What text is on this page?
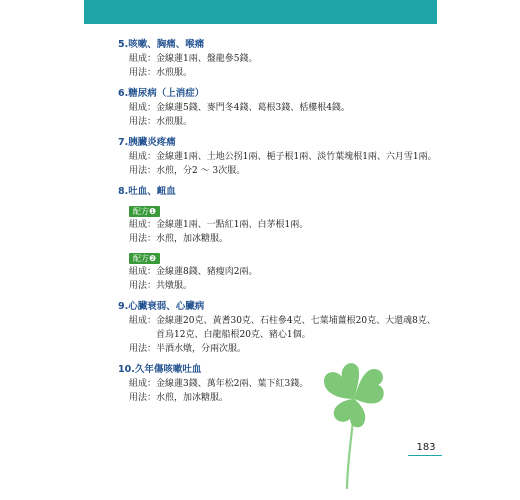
5.咳嗽、胸痛、喉痛
組成： 金線蓮1兩、盤龍參5錢。
用法： 水煎服。
6.糖尿病（上消症）
組成： 金線蓮5錢、麥門冬4錢、葛根3錢、栝樓根4錢。
用法： 水煎服。
7.胰臟炎疼痛
組成： 金線蓮1兩、土地公拐1兩、梔子根1兩、淡竹葉塊根1兩、六月雪1兩。
用法： 水煎，分2 ～ 3次服。
8.吐血、衄血
配方❶
組成： 金線蓮1兩、一點紅1兩、白茅根1兩。
用法： 水煎，加冰糖服。
配方❷
組成： 金線蓮8錢、豬瘦肉2兩。
用法： 共燉服。
9.心臟衰弱、心臟病
組成： 金線蓮20克、黃耆30克、石柱參4克、七葉埔薑根20克、大還魂8克、首烏12克、白龍船根20克、豬心1個。
用法： 半酒水燉，分兩次服。
10.久年傷咳嗽吐血
組成： 金線蓮3錢、萬年松2兩、葉下紅3錢。
用法： 水煎，加冰糖服。
183
